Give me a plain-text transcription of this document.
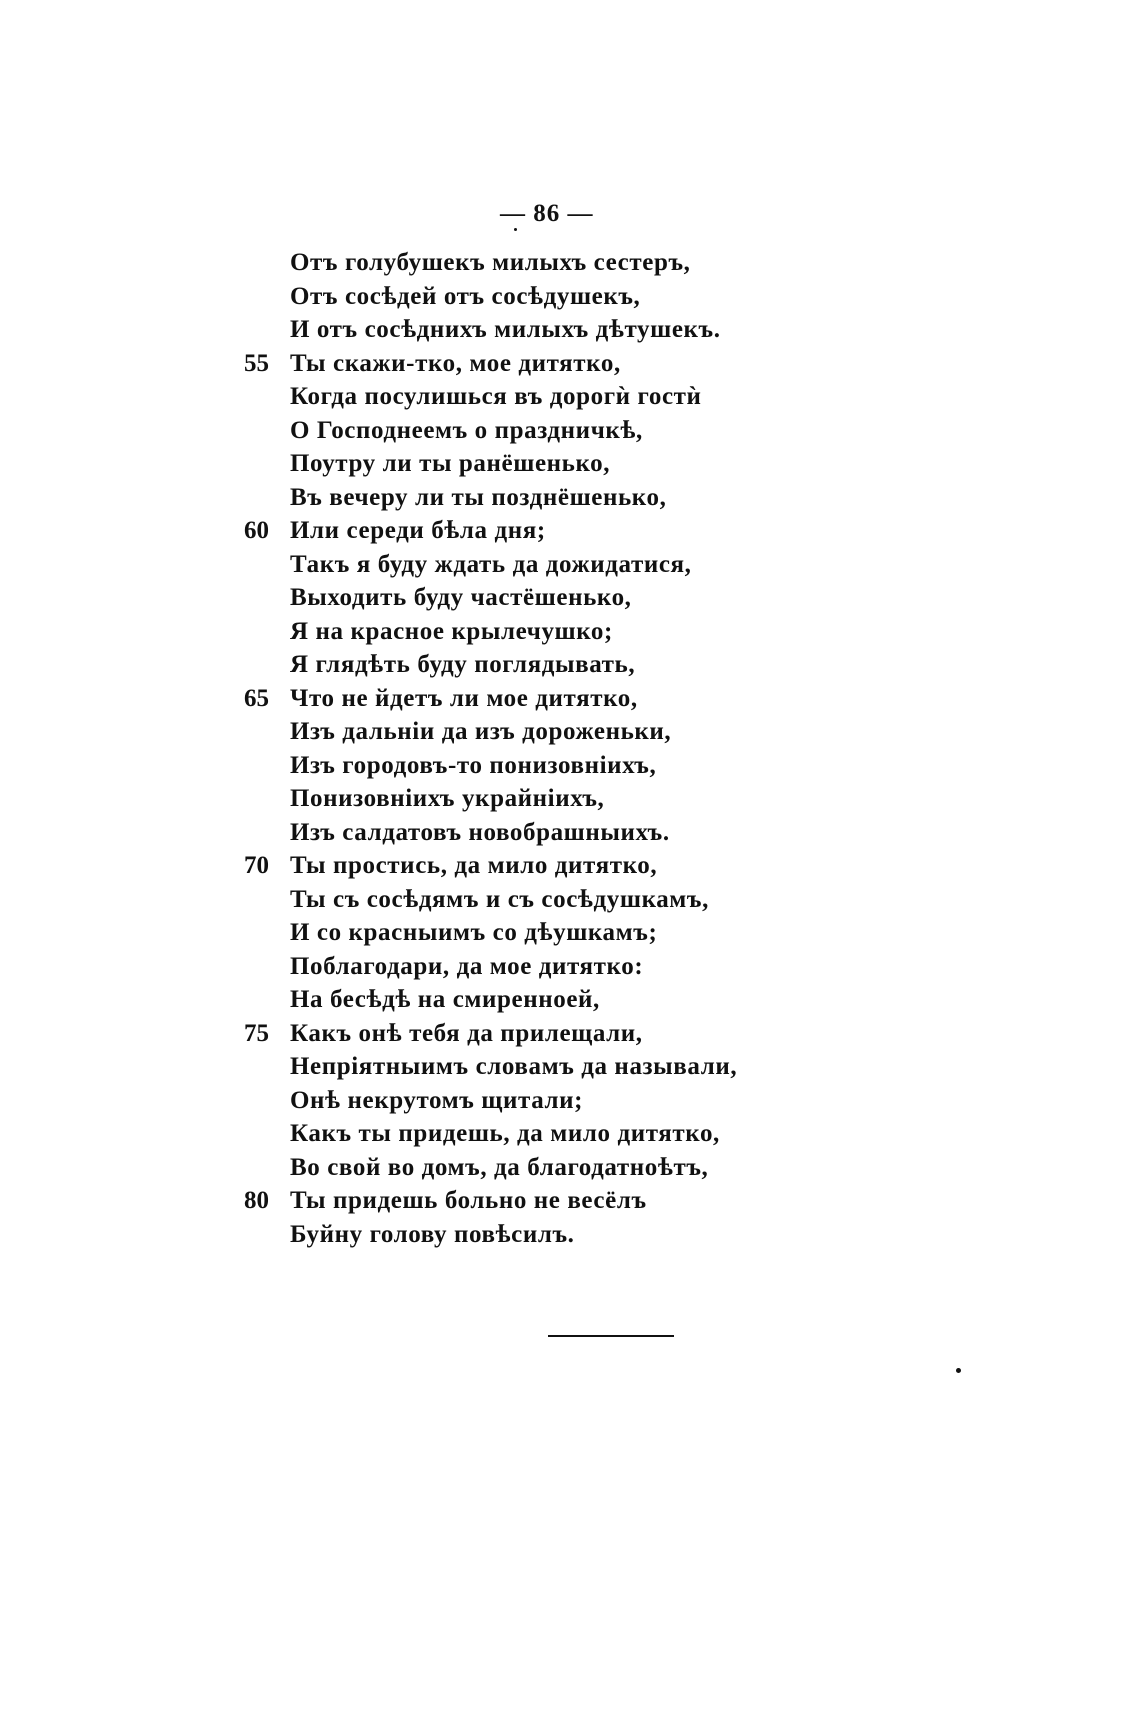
— 86 —
Отъ голубушекъ милыхъ сестеръ,
Отъ сосѣдей отъ сосѣдушекъ,
И отъ сосѣднихъ милыхъ дѣтушекъ.
55 Ты скажи-тко, мое дитятко,
Когда посулишься въ дорогѝ гостѝ
О Господнеемъ о праздничкѣ,
Поутру ли ты ранёшенько,
Въ вечеру ли ты позднёшенько,
60 Или середи бѣла дня;
Такъ я буду ждать да дожидатися,
Выходить буду частёшенько,
Я на красное крылечушко;
Я глядѣть буду поглядывать,
65 Что не йдетъ ли мое дитятко,
Изъ дальнiи да изъ дороженьки,
Изъ городовъ-то понизовнiихъ,
Понизовнiихъ украйнiихъ,
Изъ салдатовъ новобрашныихъ.
70 Ты простись, да мило дитятко,
Ты съ сосѣдямъ и съ сосѣдушкамъ,
И со красныимъ со дѣушкамъ;
Поблагодари, да мое дитятко:
На бесѣдѣ на смиренноей,
75 Какъ онѣ тебя да прилещали,
Непрiятныимъ словамъ да называли,
Онѣ некрутомъ щитали;
Какъ ты придешь, да мило дитятко,
Во свой во домъ, да благодатноѣтъ,
80 Ты придешь больно не весёлъ
Буйну голову повѣсилъ.
